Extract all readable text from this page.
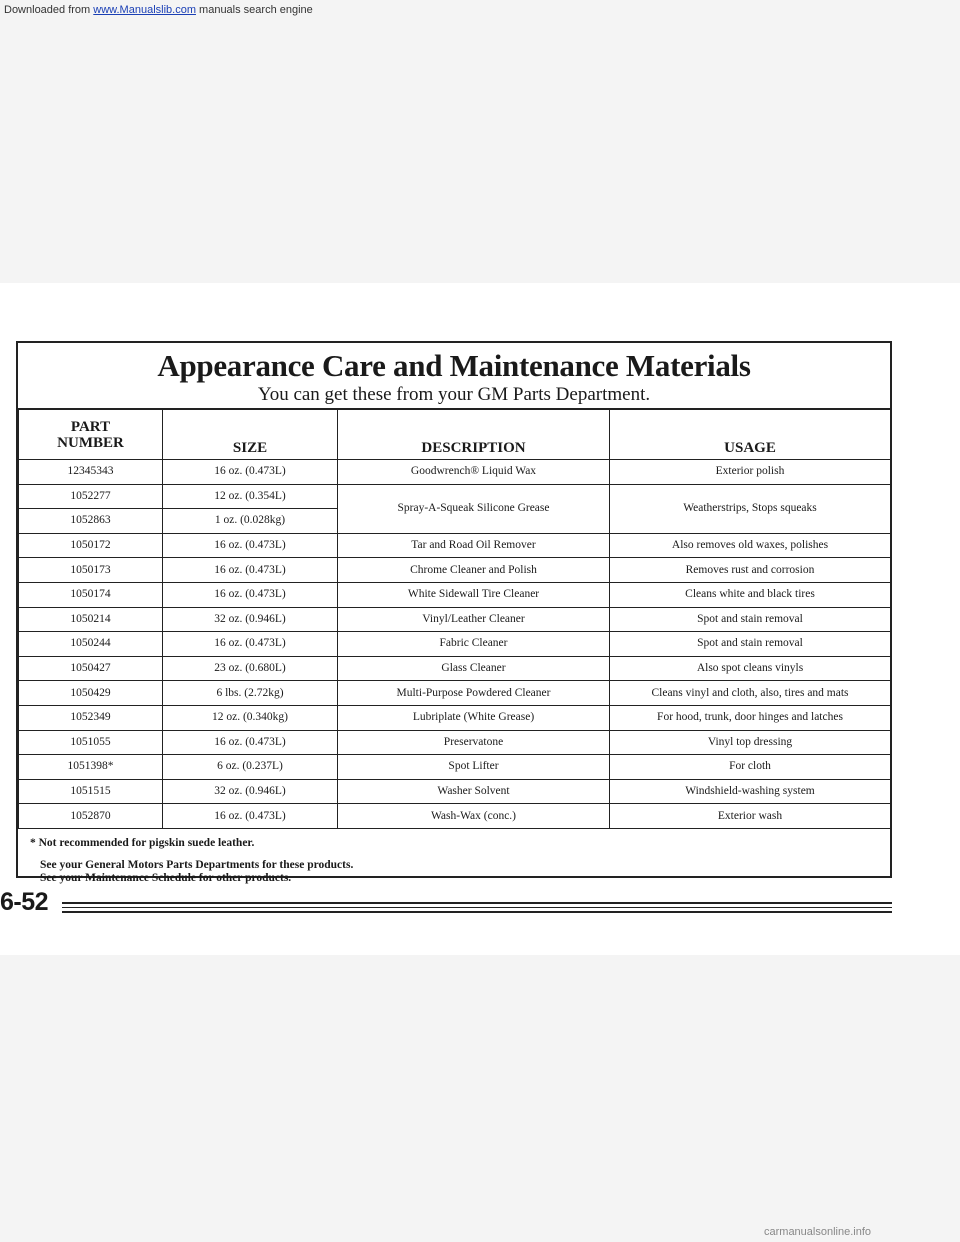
Downloaded from www.Manualslib.com manuals search engine
Appearance Care and Maintenance Materials
You can get these from your GM Parts Department.
PART
NUMBER	SIZE	DESCRIPTION	USAGE
12345343	16 oz. (0.473L)	Goodwrench® Liquid Wax	Exterior polish
1052277	12 oz. (0.354L)	Spray-A-Squeak Silicone Grease	Weatherstrips, Stops squeaks
1052863	1 oz. (0.028kg)		
1050172	16 oz. (0.473L)	Tar and Road Oil Remover	Also removes old waxes, polishes
1050173	16 oz. (0.473L)	Chrome Cleaner and Polish	Removes rust and corrosion
1050174	16 oz. (0.473L)	White Sidewall Tire Cleaner	Cleans white and black tires
1050214	32 oz. (0.946L)	Vinyl/Leather Cleaner	Spot and stain removal
1050244	16 oz. (0.473L)	Fabric Cleaner	Spot and stain removal
1050427	23 oz. (0.680L)	Glass Cleaner	Also spot cleans vinyls
1050429	6 lbs. (2.72kg)	Multi-Purpose Powdered Cleaner	Cleans vinyl and cloth, also, tires and mats
1052349	12 oz. (0.340kg)	Lubriplate (White Grease)	For hood, trunk, door hinges and latches
1051055	16 oz. (0.473L)	Preservatone	Vinyl top dressing
1051398*	6 oz. (0.237L)	Spot Lifter	For cloth
1051515	32 oz. (0.946L)	Washer Solvent	Windshield-washing system
1052870	16 oz. (0.473L)	Wash-Wax (conc.)	Exterior wash
* Not recommended for pigskin suede leather.
See your General Motors Parts Departments for these products.
See your Maintenance Schedule for other products.
6-52
carmanualsonline.info
